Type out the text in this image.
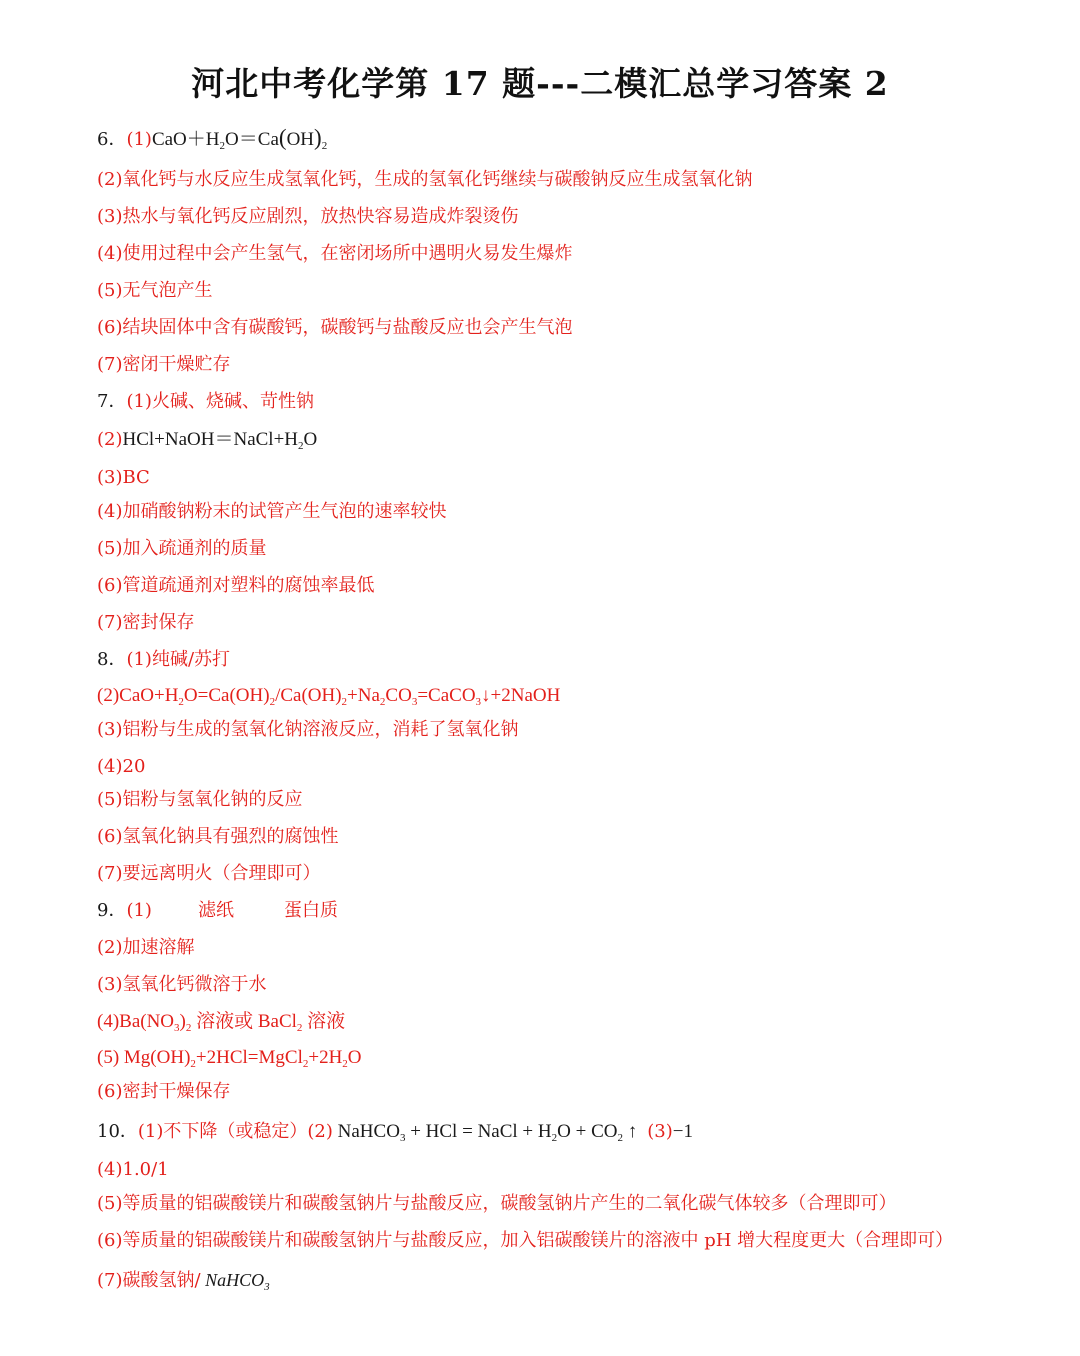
河北中考化学第 17 题---二模汇总学习答案 2
6．$(1)CaO+H_2O=Ca(OH)_2$
(2)氧化钙与水反应生成氢氧化钙，生成的氢氧化钙继续与碳酸钠反应生成氢氧化钠
(3)热水与氧化钙反应剧烈，放热快容易造成炸裂烫伤
(4)使用过程中会产生氢气，在密闭场所中遇明火易发生爆炸
(5)无气泡产生
(6)结块固体中含有碳酸钙，碳酸钙与盐酸反应也会产生气泡
(7)密闭干燥贮存
7．(1)火碱、烧碱、苛性钠
$(2)HCl+NaOH=NaCl+H_2O$
(3)BC
(4)加硝酸钠粉末的试管产生气泡的速率较快
(5)加入疏通剂的质量
(6)管道疏通剂对塑料的腐蚀率最低
(7)密封保存
8．(1)纯碱/苏打
$(2)CaO+H_2O=Ca(OH)_2/Ca(OH)_2+Na_2CO_3=CaCO_3↓+2NaOH$
(3)铝粉与生成的氢氧化钠溶液反应，消耗了氢氧化钠
(4)20
(5)铝粉与氢氧化钠的反应
(6)氢氧化钠具有强烈的腐蚀性
(7)要远离明火（合理即可）
9．(1)	滤纸	蛋白质
(2)加速溶解
(3)氢氧化钙微溶于水
$(4)Ba(NO_3)_2$ 溶液或 BaCl$_2$ 溶液
(5) $Mg(OH)_2+2HCl=MgCl_2+2H_2O$
(6)密封干燥保存
10．(1)不下降（或稳定）(2) NaHCO$_3$ + HCl = NaCl + $H_2O + CO_2$ ↑ (3)−1
(4)1.0/1
(5)等质量的铝碳酸镁片和碳酸氢钠片与盐酸反应，碳酸氢钠片产生的二氧化碳气体较多（合理即可）
(6)等质量的铝碳酸镁片和碳酸氢钠片与盐酸反应，加入铝碳酸镁片的溶液中 pH 增大程度更大（合理即可）
(7)碳酸氢钠/ NaHCO$_3$
